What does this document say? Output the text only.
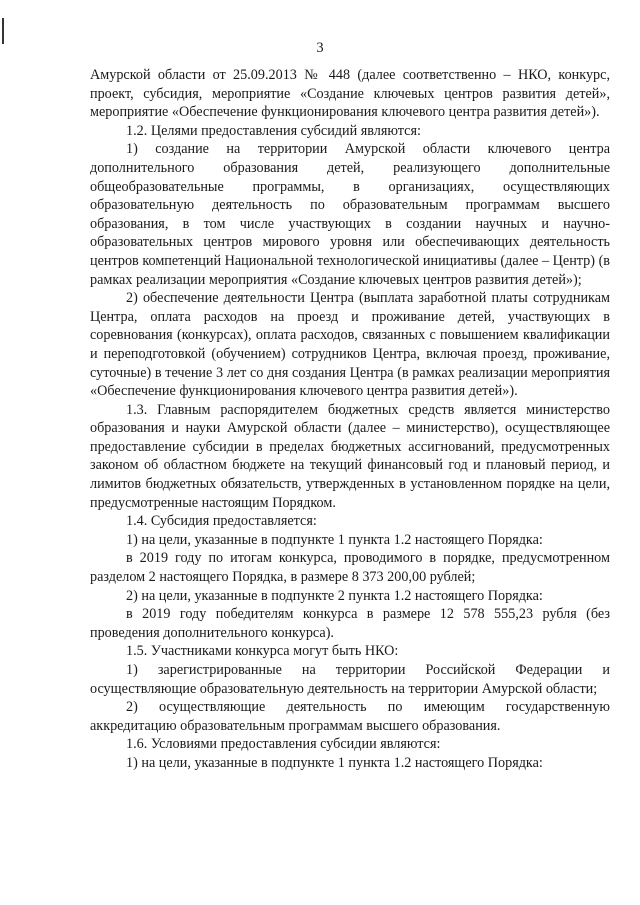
3

Амурской области от 25.09.2013 № 448 (далее соответственно – НКО, конкурс, проект, субсидия, мероприятие «Создание ключевых центров развития детей», мероприятие «Обеспечение функционирования ключевого центра развития детей»).

1.2. Целями предоставления субсидий являются:

1) создание на территории Амурской области ключевого центра дополнительного образования детей, реализующего дополнительные общеобразовательные программы, в организациях, осуществляющих образовательную деятельность по образовательным программам высшего образования, в том числе участвующих в создании научных и научно-образовательных центров мирового уровня или обеспечивающих деятельность центров компетенций Национальной технологической инициативы (далее – Центр) (в рамках реализации мероприятия «Создание ключевых центров развития детей»);

2) обеспечение деятельности Центра (выплата заработной платы сотрудникам Центра, оплата расходов на проезд и проживание детей, участвующих в соревнования (конкурсах), оплата расходов, связанных с повышением квалификации и переподготовкой (обучением) сотрудников Центра, включая проезд, проживание, суточные) в течение 3 лет со дня создания Центра (в рамках реализации мероприятия «Обеспечение функционирования ключевого центра развития детей»).

1.3. Главным распорядителем бюджетных средств является министерство образования и науки Амурской области (далее – министерство), осуществляющее предоставление субсидии в пределах бюджетных ассигнований, предусмотренных законом об областном бюджете на текущий финансовый год и плановый период, и лимитов бюджетных обязательств, утвержденных в установленном порядке на цели, предусмотренные настоящим Порядком.

1.4. Субсидия предоставляется:

1) на цели, указанные в подпункте 1 пункта 1.2 настоящего Порядка:

в 2019 году по итогам конкурса, проводимого в порядке, предусмотренном разделом 2 настоящего Порядка, в размере 8 373 200,00 рублей;

2) на цели, указанные в подпункте 2 пункта 1.2 настоящего Порядка:

в 2019 году победителям конкурса в размере 12 578 555,23 рубля (без проведения дополнительного конкурса).

1.5. Участниками конкурса могут быть НКО:

1) зарегистрированные на территории Российской Федерации и осуществляющие образовательную деятельность на территории Амурской области;

2) осуществляющие деятельность по имеющим государственную аккредитацию образовательным программам высшего образования.

1.6. Условиями предоставления субсидии являются:

1) на цели, указанные в подпункте 1 пункта 1.2 настоящего Порядка:
